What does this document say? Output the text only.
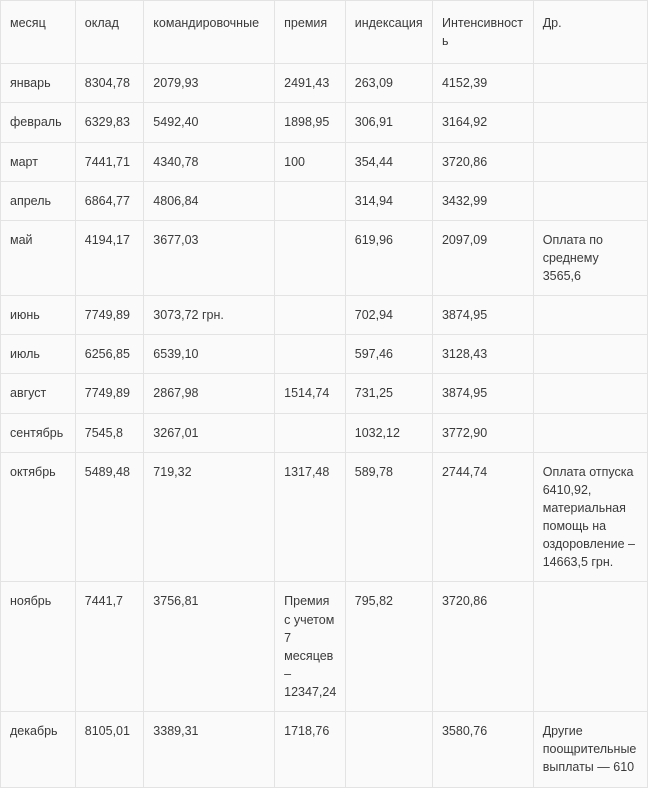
месяц	оклад	командировочные	премия	индексация	Интенсивность	Др.

январь	8304,78	2079,93	2491,43	263,09	4152,39	

февраль	6329,83	5492,40	1898,95	306,91	3164,92	

март	7441,71	4340,78	100	354,44	3720,86	

апрель	6864,77	4806,84		314,94	3432,99	

май	4194,17	3677,03		619,96	2097,09	Оплата по среднему 3565,6

июнь	7749,89	3073,72 грн.		702,94	3874,95	

июль	6256,85	6539,10		597,46	3128,43	

август	7749,89	2867,98	1514,74	731,25	3874,95	

сентябрь	7545,8	3267,01		1032,12	3772,90	

октябрь	5489,48	719,32	1317,48	589,78	2744,74	Оплата отпуска 6410,92, материальная помощь на оздоровление – 14663,5 грн.

ноябрь	7441,7	3756,81	Премия с учетом 7 месяцев – 12347,24	795,82	3720,86	

декабрь	8105,01	3389,31	1718,76		3580,76	Другие поощрительные выплаты — 610
